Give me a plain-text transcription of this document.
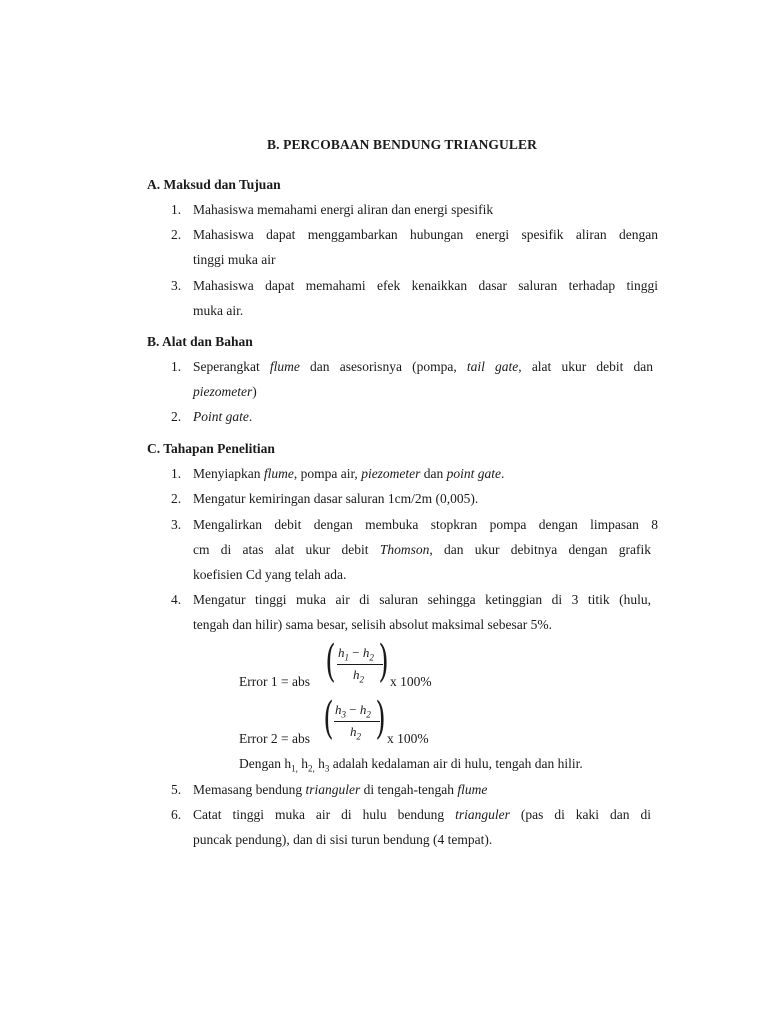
B. PERCOBAAN BENDUNG TRIANGULER
A. Maksud dan Tujuan
1. Mahasiswa memahami energi aliran dan energi spesifik
2. Mahasiswa dapat menggambarkan hubungan energi spesifik aliran dengan
tinggi muka air
3. Mahasiswa dapat memahami efek kenaikkan dasar saluran terhadap tinggi
muka air.
B. Alat dan Bahan
1. Seperangkat flume dan asesorisnya (pompa, tail gate, alat ukur debit dan
piezometer)
2. Point gate.
C. Tahapan Penelitian
1. Menyiapkan flume, pompa air, piezometer dan point gate.
2. Mengatur kemiringan dasar saluran 1cm/2m (0,005).
3. Mengalirkan debit dengan membuka stopkran pompa dengan limpasan 8
cm di atas alat ukur debit Thomson, dan ukur debitnya dengan grafik
koefisien Cd yang telah ada.
4. Mengatur tinggi muka air di saluran sehingga ketinggian di 3 titik (hulu,
tengah dan hilir) sama besar, selisih absolut maksimal sebesar 5%.
Error 1 = abs ( $h_1 - h_2$
$h_2$ ) x 100%
Error 2 = abs ( $h_3 - h_2$
$h_2$ ) x 100%
Dengan $h_{1,}$ $h_{2,}$ $h_3$ adalah kedalaman air di hulu, tengah dan hilir.
5. Memasang bendung trianguler di tengah-tengah flume
6. Catat tinggi muka air di hulu bendung trianguler (pas di kaki dan di
puncak pendung), dan di sisi turun bendung (4 tempat).
